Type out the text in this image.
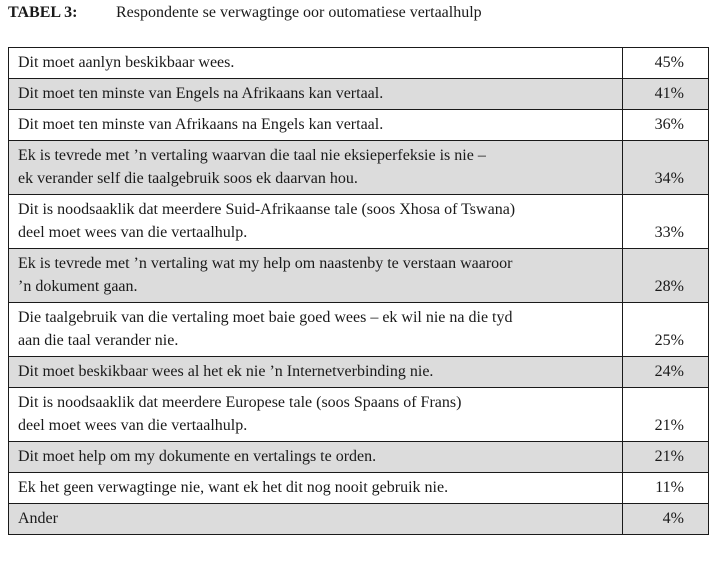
TABEL 3: Respondente se verwagtinge oor outomatiese vertaalhulp
Dit moet aanlyn beskikbaar wees.	45%

Dit moet ten minste van Engels na Afrikaans kan vertaal.	41%

Dit moet ten minste van Afrikaans na Engels kan vertaal.	36%

Ek is tevrede met ’n vertaling waarvan die taal nie eksieperfeksie is nie –
ek verander self die taalgebruik soos ek daarvan hou.	34%

Dit is noodsaaklik dat meerdere Suid-Afrikaanse tale (soos Xhosa of Tswana)
deel moet wees van die vertaalhulp.	33%

Ek is tevrede met ’n vertaling wat my help om naastenby te verstaan waaroor
’n dokument gaan.	28%

Die taalgebruik van die vertaling moet baie goed wees – ek wil nie na die tyd
aan die taal verander nie.	25%

Dit moet beskikbaar wees al het ek nie ’n Internetverbinding nie.	24%

Dit is noodsaaklik dat meerdere Europese tale (soos Spaans of Frans)
deel moet wees van die vertaalhulp.	21%

Dit moet help om my dokumente en vertalings te orden.	21%

Ek het geen verwagtinge nie, want ek het dit nog nooit gebruik nie.	11%

Ander	4%
